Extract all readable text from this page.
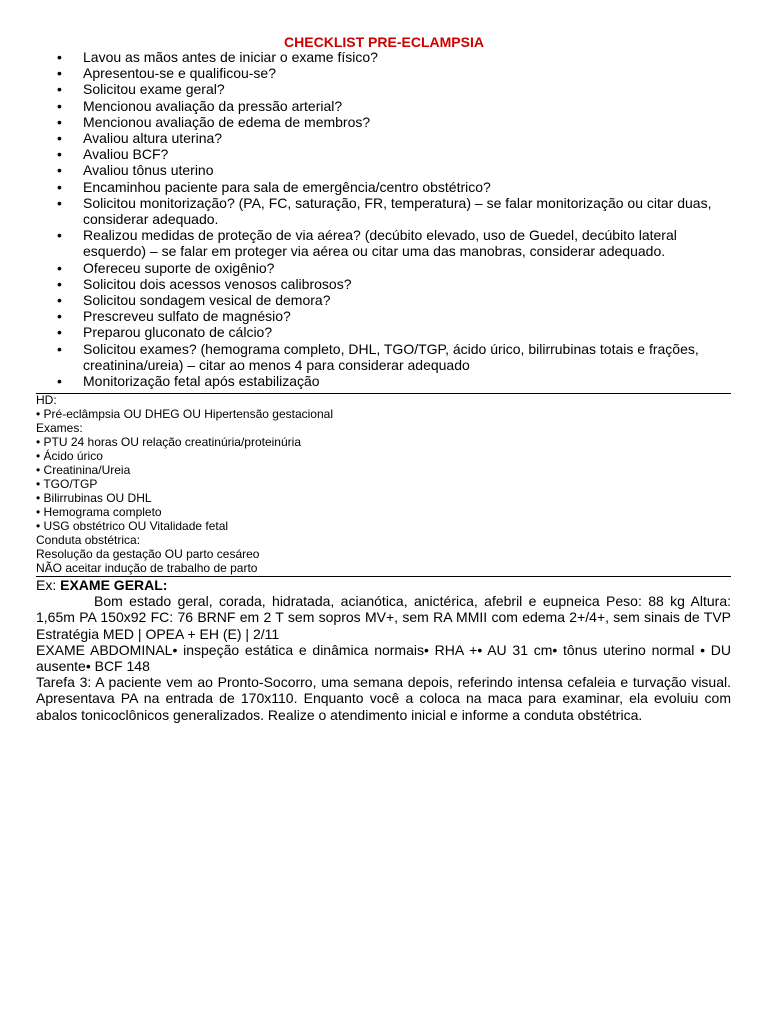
CHECKLIST PRE-ECLAMPSIA
• Lavou as mãos antes de iniciar o exame físico?
• Apresentou-se e qualificou-se?
• Solicitou exame geral?
• Mencionou avaliação da pressão arterial?
• Mencionou avaliação de edema de membros?
• Avaliou altura uterina?
• Avaliou BCF?
• Avaliou tônus uterino
• Encaminhou paciente para sala de emergência/centro obstétrico?
• Solicitou monitorização? (PA, FC, saturação, FR, temperatura) – se falar monitorização ou citar duas, considerar adequado.
• Realizou medidas de proteção de via aérea? (decúbito elevado, uso de Guedel, decúbito lateral esquerdo) – se falar em proteger via aérea ou citar uma das manobras, considerar adequado.
• Ofereceu suporte de oxigênio?
• Solicitou dois acessos venosos calibrosos?
• Solicitou sondagem vesical de demora?
• Prescreveu sulfato de magnésio?
• Preparou gluconato de cálcio?
• Solicitou exames? (hemograma completo, DHL, TGO/TGP, ácido úrico, bilirrubinas totais e frações, creatinina/ureia) – citar ao menos 4 para considerar adequado
• Monitorização fetal após estabilização
HD:
• Pré-eclâmpsia OU DHEG OU Hipertensão gestacional
Exames:
• PTU 24 horas OU relação creatinúria/proteinúria
• Ácido úrico
• Creatinina/Ureia
• TGO/TGP
• Bilirrubinas OU DHL
• Hemograma completo
• USG obstétrico OU Vitalidade fetal
Conduta obstétrica:
Resolução da gestação OU parto cesáreo
NÃO aceitar indução de trabalho de parto

Ex: EXAME GERAL:

Bom estado geral, corada, hidratada, acianótica, anictérica, afebril e eupneica Peso: 88 kg Altura: 1,65m PA 150x92 FC: 76 BRNF em 2 T sem sopros MV+, sem RA MMII com edema 2+/4+, sem sinais de TVP Estratégia MED | OPEA + EH (E) | 2/11

EXAME ABDOMINAL• inspeção estática e dinâmica normais• RHA +• AU 31 cm• tônus uterino normal • DU ausente• BCF 148

Tarefa 3: A paciente vem ao Pronto-Socorro, uma semana depois, referindo intensa cefaleia e turvação visual. Apresentava PA na entrada de 170x110. Enquanto você a coloca na maca para examinar, ela evoluiu com abalos tonicoclônicos generalizados. Realize o atendimento inicial e informe a conduta obstétrica.
